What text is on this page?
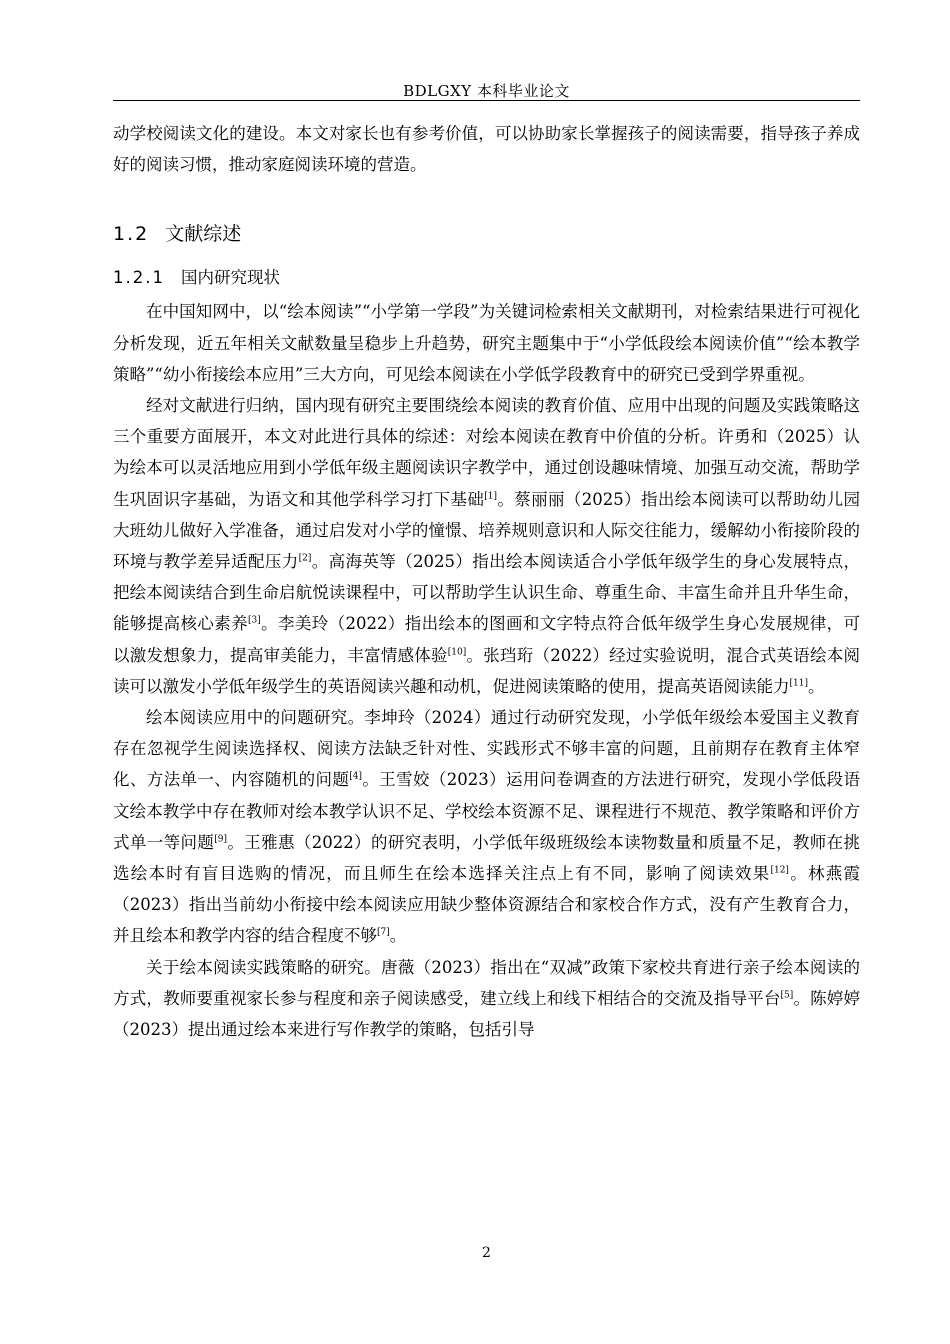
BDLGXY 本科毕业论文

动学校阅读文化的建设。本文对家长也有参考价值，可以协助家长掌握孩子的阅读需要，指导孩子养成好的阅读习惯，推动家庭阅读环境的营造。

1.2 文献综述
1.2.1 国内研究现状

在中国知网中，以“绘本阅读”“小学第一学段”为关键词检索相关文献期刊，对检索结果进行可视化分析发现，近五年相关文献数量呈稳步上升趋势，研究主题集中于“小学低段绘本阅读价值”“绘本教学策略”“幼小衔接绘本应用”三大方向，可见绘本阅读在小学低学段教育中的研究已受到学界重视。

经对文献进行归纳，国内现有研究主要围绕绘本阅读的教育价值、应用中出现的问题及实践策略这三个重要方面展开，本文对此进行具体的综述：对绘本阅读在教育中价值的分析。许勇和（2025）认为绘本可以灵活地应用到小学低年级主题阅读识字教学中，通过创设趣味情境、加强互动交流，帮助学生巩固识字基础，为语文和其他学科学习打下基础[1]。蔡丽丽（2025）指出绘本阅读可以帮助幼儿园大班幼儿做好入学准备，通过启发对小学的憧憬、培养规则意识和人际交往能力，缓解幼小衔接阶段的环境与教学差异适配压力[2]。高海英等（2025）指出绘本阅读适合小学低年级学生的身心发展特点，把绘本阅读结合到生命启航悦读课程中，可以帮助学生认识生命、尊重生命、丰富生命并且升华生命，能够提高核心素养[3]。李美玲（2022）指出绘本的图画和文字特点符合低年级学生身心发展规律，可以激发想象力，提高审美能力，丰富情感体验[10]。张珰珩（2022）经过实验说明，混合式英语绘本阅读可以激发小学低年级学生的英语阅读兴趣和动机，促进阅读策略的使用，提高英语阅读能力[11]。

绘本阅读应用中的问题研究。李坤玲（2024）通过行动研究发现，小学低年级绘本爱国主义教育存在忽视学生阅读选择权、阅读方法缺乏针对性、实践形式不够丰富的问题，且前期存在教育主体窄化、方法单一、内容随机的问题[4]。王雪姣（2023）运用问卷调查的方法进行研究，发现小学低段语文绘本教学中存在教师对绘本教学认识不足、学校绘本资源不足、课程进行不规范、教学策略和评价方式单一等问题[9]。王雅惠（2022）的研究表明，小学低年级班级绘本读物数量和质量不足，教师在挑选绘本时有盲目选购的情况，而且师生在绘本选择关注点上有不同，影响了阅读效果[12]。林燕霞（2023）指出当前幼小衔接中绘本阅读应用缺少整体资源结合和家校合作方式，没有产生教育合力，并且绘本和教学内容的结合程度不够[7]。

关于绘本阅读实践策略的研究。唐薇（2023）指出在“双减”政策下家校共育进行亲子绘本阅读的方式，教师要重视家长参与程度和亲子阅读感受，建立线上和线下相结合的交流及指导平台[5]。陈婷婷（2023）提出通过绘本来进行写作教学的策略，包括引导

2
